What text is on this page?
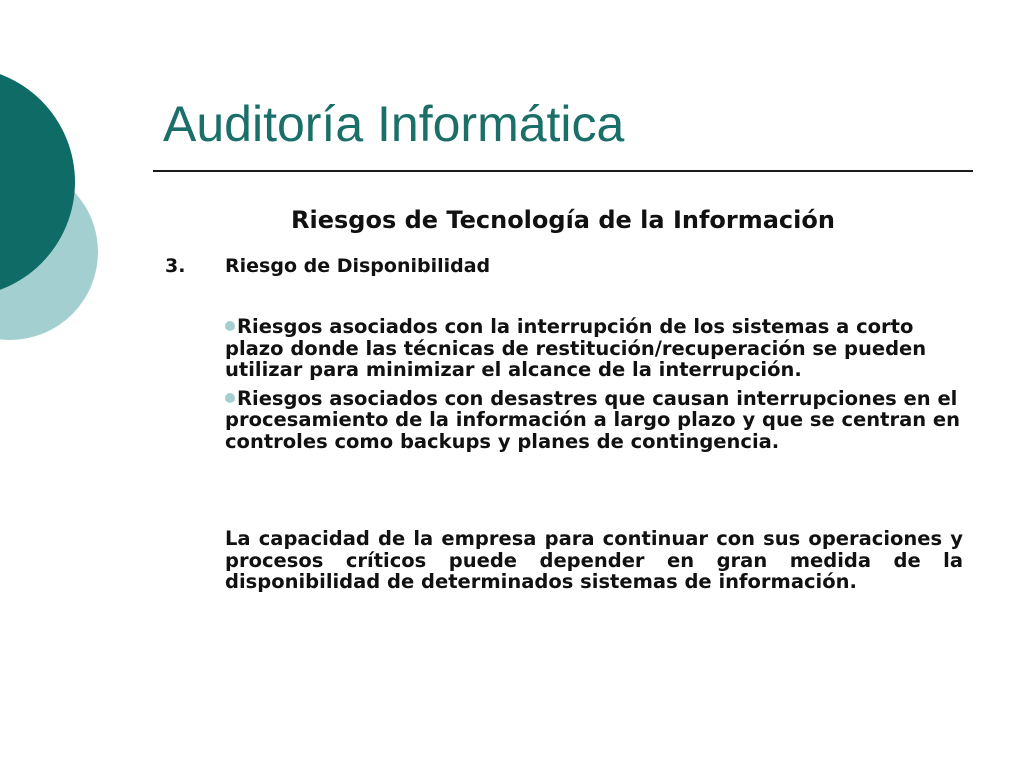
Auditoría Informática
Riesgos de Tecnología de la Información
3. Riesgo de Disponibilidad
Riesgos asociados con la interrupción de los sistemas a corto plazo donde las técnicas de restitución/recuperación se pueden utilizar para minimizar el alcance de la interrupción.
Riesgos asociados con desastres que causan interrupciones en el procesamiento de la información a largo plazo y que se centran en controles como backups y planes de contingencia.

La capacidad de la empresa para continuar con sus operaciones y procesos críticos puede depender en gran medida de la disponibilidad de determinados sistemas de información.
